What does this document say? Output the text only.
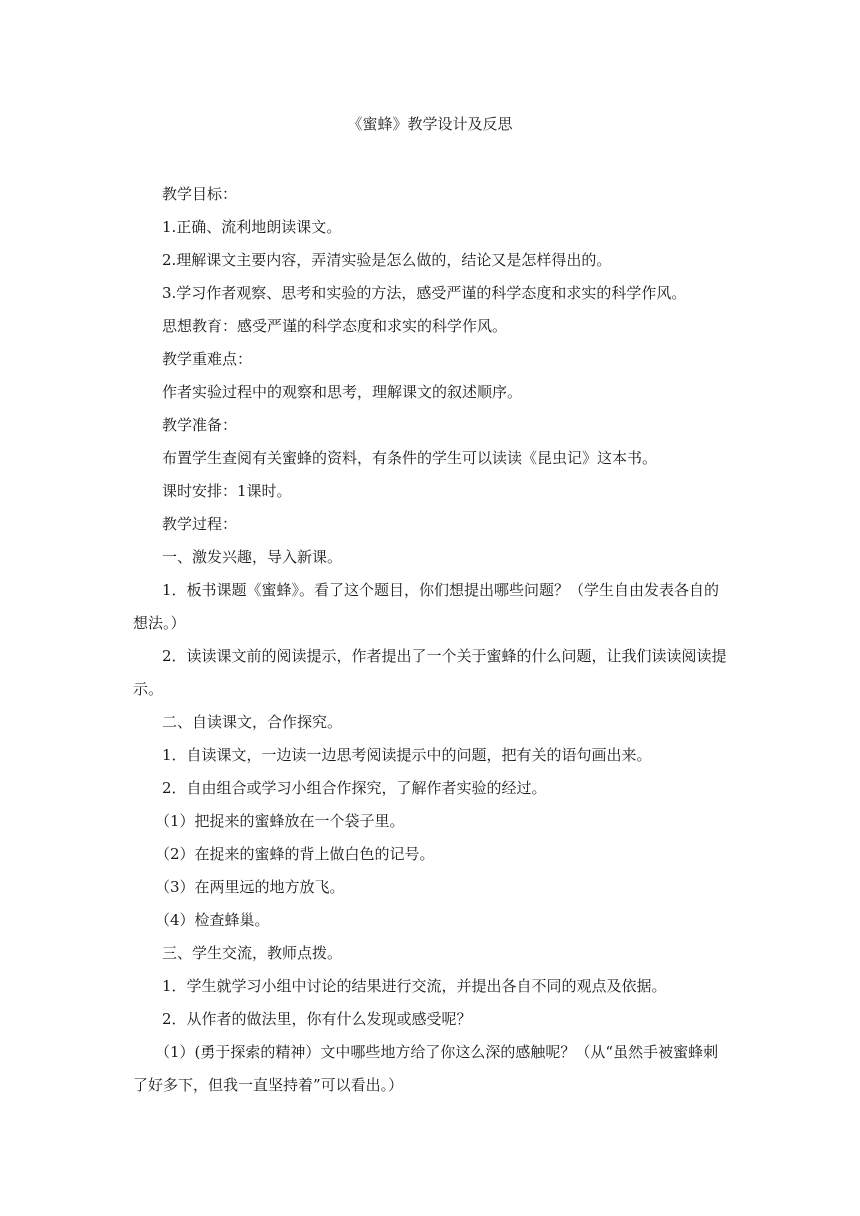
《蜜蜂》教学设计及反思

教学目标：

1.正确、流利地朗读课文。

2.理解课文主要内容，弄清实验是怎么做的，结论又是怎样得出的。

3.学习作者观察、思考和实验的方法，感受严谨的科学态度和求实的科学作风。

思想教育：感受严谨的科学态度和求实的科学作风。

教学重难点：

作者实验过程中的观察和思考，理解课文的叙述顺序。

教学准备：

布置学生查阅有关蜜蜂的资料，有条件的学生可以读读《昆虫记》这本书。

课时安排：1课时。

教学过程：

一、激发兴趣，导入新课。

1．板书课题《蜜蜂》。看了这个题目，你们想提出哪些问题？（学生自由发表各自的想法。）

2．读读课文前的阅读提示，作者提出了一个关于蜜蜂的什么问题，让我们读读阅读提示。

二、自读课文，合作探究。

1．自读课文，一边读一边思考阅读提示中的问题，把有关的语句画出来。

2．自由组合或学习小组合作探究，了解作者实验的经过。

（1）把捉来的蜜蜂放在一个袋子里。

（2）在捉来的蜜蜂的背上做白色的记号。

（3）在两里远的地方放飞。

（4）检查蜂巢。

三、学生交流，教师点拨。

1．学生就学习小组中讨论的结果进行交流，并提出各自不同的观点及依据。

2．从作者的做法里，你有什么发现或感受呢？

（1）(勇于探索的精神）文中哪些地方给了你这么深的感触呢？（从“虽然手被蜜蜂刺了好多下，但我一直坚持着”可以看出。）
